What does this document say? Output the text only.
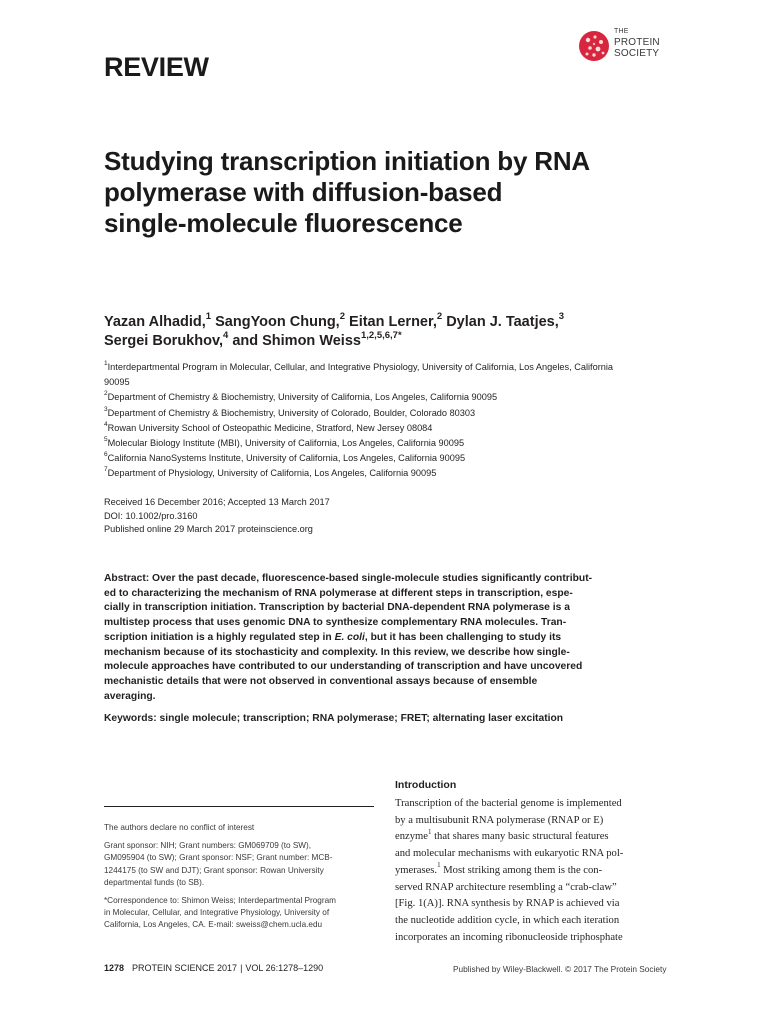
REVIEW
THE
PROTEIN
SOCIETY
Studying transcription initiation by RNA
polymerase with diffusion-based
single-molecule fluorescence
Yazan Alhadid,$^1$ SangYoon Chung,$^2$ Eitan Lerner,$^2$ Dylan J. Taatjes,$^3$
Sergei Borukhov,$^4$ and Shimon Weiss$^{1,2,5,6,7*}$
$^1$Interdepartmental Program in Molecular, Cellular, and Integrative Physiology, University of California, Los Angeles, California
90095
$^2$Department of Chemistry & Biochemistry, University of California, Los Angeles, California 90095
$^3$Department of Chemistry & Biochemistry, University of Colorado, Boulder, Colorado 80303
$^4$Rowan University School of Osteopathic Medicine, Stratford, New Jersey 08084
$^5$Molecular Biology Institute (MBI), University of California, Los Angeles, California 90095
$^6$California NanoSystems Institute, University of California, Los Angeles, California 90095
$^7$Department of Physiology, University of California, Los Angeles, California 90095
Received 16 December 2016; Accepted 13 March 2017
DOI: 10.1002/pro.3160
Published online 29 March 2017 proteinscience.org
Abstract: Over the past decade, fluorescence-based single-molecule studies significantly contribut-
ed to characterizing the mechanism of RNA polymerase at different steps in transcription, espe-
cially in transcription initiation. Transcription by bacterial DNA-dependent RNA polymerase is a
multistep process that uses genomic DNA to synthesize complementary RNA molecules. Tran-
scription initiation is a highly regulated step in E. coli, but it has been challenging to study its
mechanism because of its stochasticity and complexity. In this review, we describe how single-
molecule approaches have contributed to our understanding of transcription and have uncovered
mechanistic details that were not observed in conventional assays because of ensemble
averaging.
Keywords: single molecule; transcription; RNA polymerase; FRET; alternating laser excitation
The authors declare no conflict of interest
Grant sponsor: NIH; Grant numbers: GM069709 (to SW),
GM095904 (to SW); Grant sponsor: NSF; Grant number: MCB-
1244175 (to SW and DJT); Grant sponsor: Rowan University
departmental funds (to SB).
*Correspondence to: Shimon Weiss; Interdepartmental Program
in Molecular, Cellular, and Integrative Physiology, University of
California, Los Angeles, CA. E-mail: sweiss@chem.ucla.edu
Introduction
Transcription of the bacterial genome is implemented
by a multisubunit RNA polymerase (RNAP or E)
enzyme$^1$ that shares many basic structural features
and molecular mechanisms with eukaryotic RNA pol-
ymerases.$^1$ Most striking among them is the con-
served RNAP architecture resembling a “crab-claw”
[Fig. 1(A)]. RNA synthesis by RNAP is achieved via
the nucleotide addition cycle, in which each iteration
incorporates an incoming ribonucleoside triphosphate
1278 PROTEIN SCIENCE 2017 | VOL 26:1278–1290	Published by Wiley-Blackwell. © 2017 The Protein Society
